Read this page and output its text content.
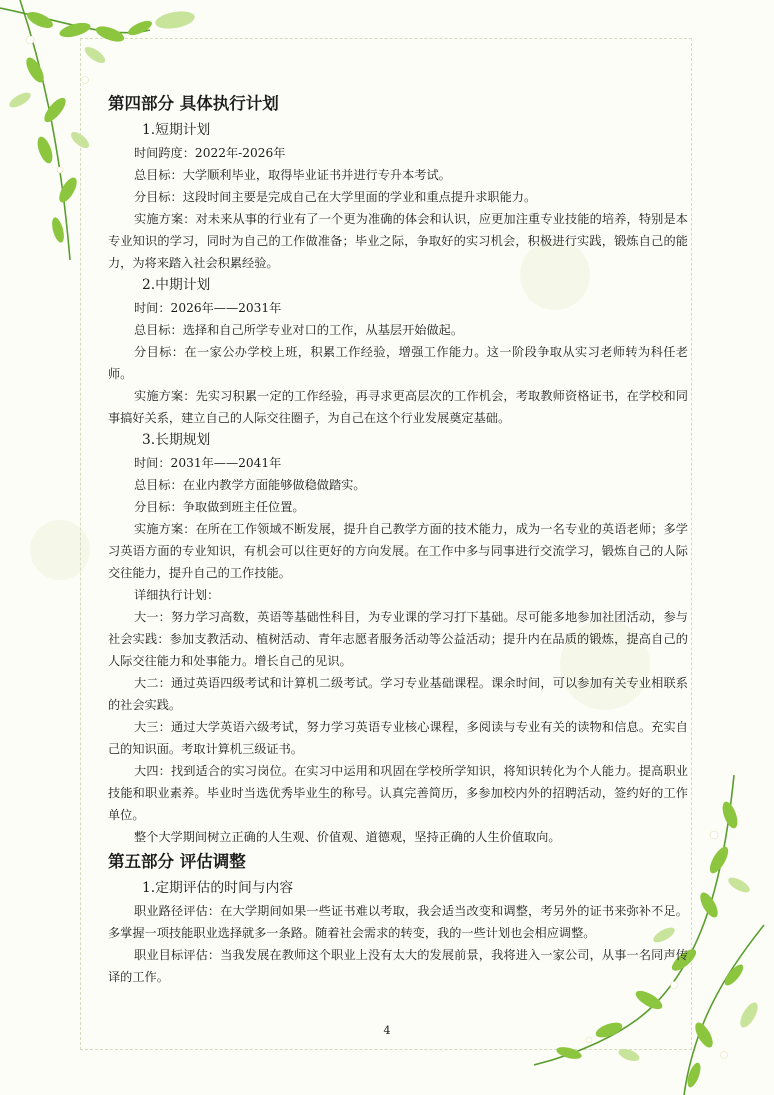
第四部分 具体执行计划
1.短期计划

时间跨度：2022年-2026年

总目标：大学顺利毕业，取得毕业证书并进行专升本考试。

分目标：这段时间主要是完成自己在大学里面的学业和重点提升求职能力。

实施方案：对未来从事的行业有了一个更为准确的体会和认识，应更加注重专业技能的培养，特别是本专业知识的学习，同时为自己的工作做准备；毕业之际，争取好的实习机会，积极进行实践，锻炼自己的能力，为将来踏入社会积累经验。

2.中期计划

时间：2026年——2031年

总目标：选择和自己所学专业对口的工作，从基层开始做起。

分目标：在一家公办学校上班，积累工作经验，增强工作能力。这一阶段争取从实习老师转为科任老师。

实施方案：先实习积累一定的工作经验，再寻求更高层次的工作机会，考取教师资格证书，在学校和同事搞好关系，建立自己的人际交往圈子，为自己在这个行业发展奠定基础。

3.长期规划

时间：2031年——2041年

总目标：在业内教学方面能够做稳做踏实。

分目标：争取做到班主任位置。

实施方案：在所在工作领域不断发展，提升自己教学方面的技术能力，成为一名专业的英语老师；多学习英语方面的专业知识，有机会可以往更好的方向发展。在工作中多与同事进行交流学习，锻炼自己的人际交往能力，提升自己的工作技能。

详细执行计划：

大一：努力学习高数，英语等基础性科目，为专业课的学习打下基础。尽可能多地参加社团活动，参与社会实践：参加支教活动、植树活动、青年志愿者服务活动等公益活动；提升内在品质的锻炼，提高自己的人际交往能力和处事能力。增长自己的见识。

大二：通过英语四级考试和计算机二级考试。学习专业基础课程。课余时间，可以参加有关专业相联系的社会实践。

大三：通过大学英语六级考试，努力学习英语专业核心课程，多阅读与专业有关的读物和信息。充实自己的知识面。考取计算机三级证书。

大四：找到适合的实习岗位。在实习中运用和巩固在学校所学知识，将知识转化为个人能力。提高职业技能和职业素养。毕业时当选优秀毕业生的称号。认真完善简历，多参加校内外的招聘活动，签约好的工作单位。

整个大学期间树立正确的人生观、价值观、道德观，坚持正确的人生价值取向。

第五部分 评估调整
1.定期评估的时间与内容

职业路径评估：在大学期间如果一些证书难以考取，我会适当改变和调整，考另外的证书来弥补不足。多掌握一项技能职业选择就多一条路。随着社会需求的转变，我的一些计划也会相应调整。

职业目标评估：当我发展在教师这个职业上没有太大的发展前景，我将进入一家公司，从事一名同声传译的工作。

4
